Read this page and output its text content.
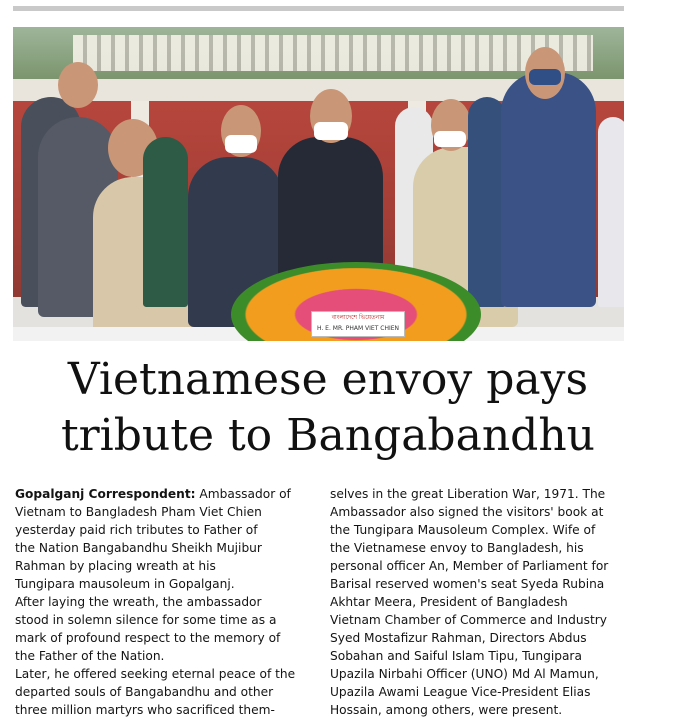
বাংলাদেশে ভিয়েতনাম
H. E. MR. PHAM VIET CHIEN
Vietnamese envoy pays
tribute to Bangabandhu

Gopalganj Correspondent: Ambassador of

Vietnam to Bangladesh Pham Viet Chien

yesterday paid rich tributes to Father of

the Nation Bangabandhu Sheikh Mujibur

Rahman by placing wreath at his

Tungipara mausoleum in Gopalganj.

After laying the wreath, the ambassador

stood in solemn silence for some time as a

mark of profound respect to the memory of

the Father of the Nation.

Later, he offered seeking eternal peace of the

departed souls of Bangabandhu and other

three million martyrs who sacrificed them-

selves in the great Liberation War, 1971. The

Ambassador also signed the visitors' book at

the Tungipara Mausoleum Complex. Wife of

the Vietnamese envoy to Bangladesh, his

personal officer An, Member of Parliament for

Barisal reserved women's seat Syeda Rubina

Akhtar Meera, President of Bangladesh

Vietnam Chamber of Commerce and Industry

Syed Mostafizur Rahman, Directors Abdus

Sobahan and Saiful Islam Tipu, Tungipara

Upazila Nirbahi Officer (UNO) Md Al Mamun,

Upazila Awami League Vice-President Elias

Hossain, among others, were present.
